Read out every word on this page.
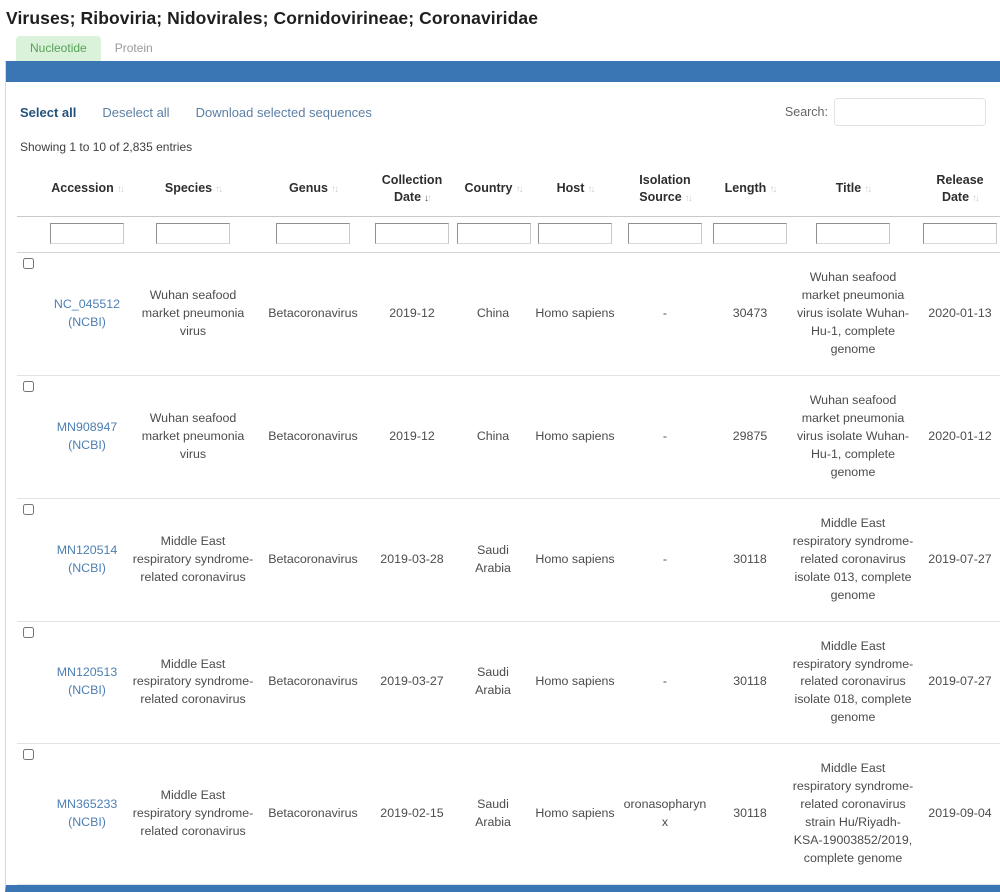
Viruses; Riboviria; Nidovirales; Cornidovirineae; Coronaviridae
Nucleotide	Protein
Select all Deselect all Download selected sequences	Search:
Showing 1 to 10 of 2,835 entries
	Accession ↑↓	Species ↑↓	Genus ↑↓	Collection Date ↓↑	Country ↑↓	Host ↑↓	Isolation Source ↑↓	Length ↑↓	Title ↑↓	Release Date ↑↓

NC_045512
(NCBI)	Wuhan seafood market pneumonia virus	Betacoronavirus	2019-12	China	Homo sapiens	-	30473	Wuhan seafood market pneumonia virus isolate Wuhan-Hu-1, complete genome	2020-01-13

MN908947
(NCBI)	Wuhan seafood market pneumonia virus	Betacoronavirus	2019-12	China	Homo sapiens	-	29875	Wuhan seafood market pneumonia virus isolate Wuhan-Hu-1, complete genome	2020-01-12

MN120514
(NCBI)	Middle East respiratory syndrome-related coronavirus	Betacoronavirus	2019-03-28	Saudi Arabia	Homo sapiens	-	30118	Middle East respiratory syndrome-related coronavirus isolate 013, complete genome	2019-07-27

MN120513
(NCBI)	Middle East respiratory syndrome-related coronavirus	Betacoronavirus	2019-03-27	Saudi Arabia	Homo sapiens	-	30118	Middle East respiratory syndrome-related coronavirus isolate 018, complete genome	2019-07-27

MN365233
(NCBI)	Middle East respiratory syndrome-related coronavirus	Betacoronavirus	2019-02-15	Saudi Arabia	Homo sapiens	oronasopharynx	30118	Middle East respiratory syndrome-related coronavirus strain Hu/Riyadh-KSA-19003852/2019, complete genome	2019-09-04
